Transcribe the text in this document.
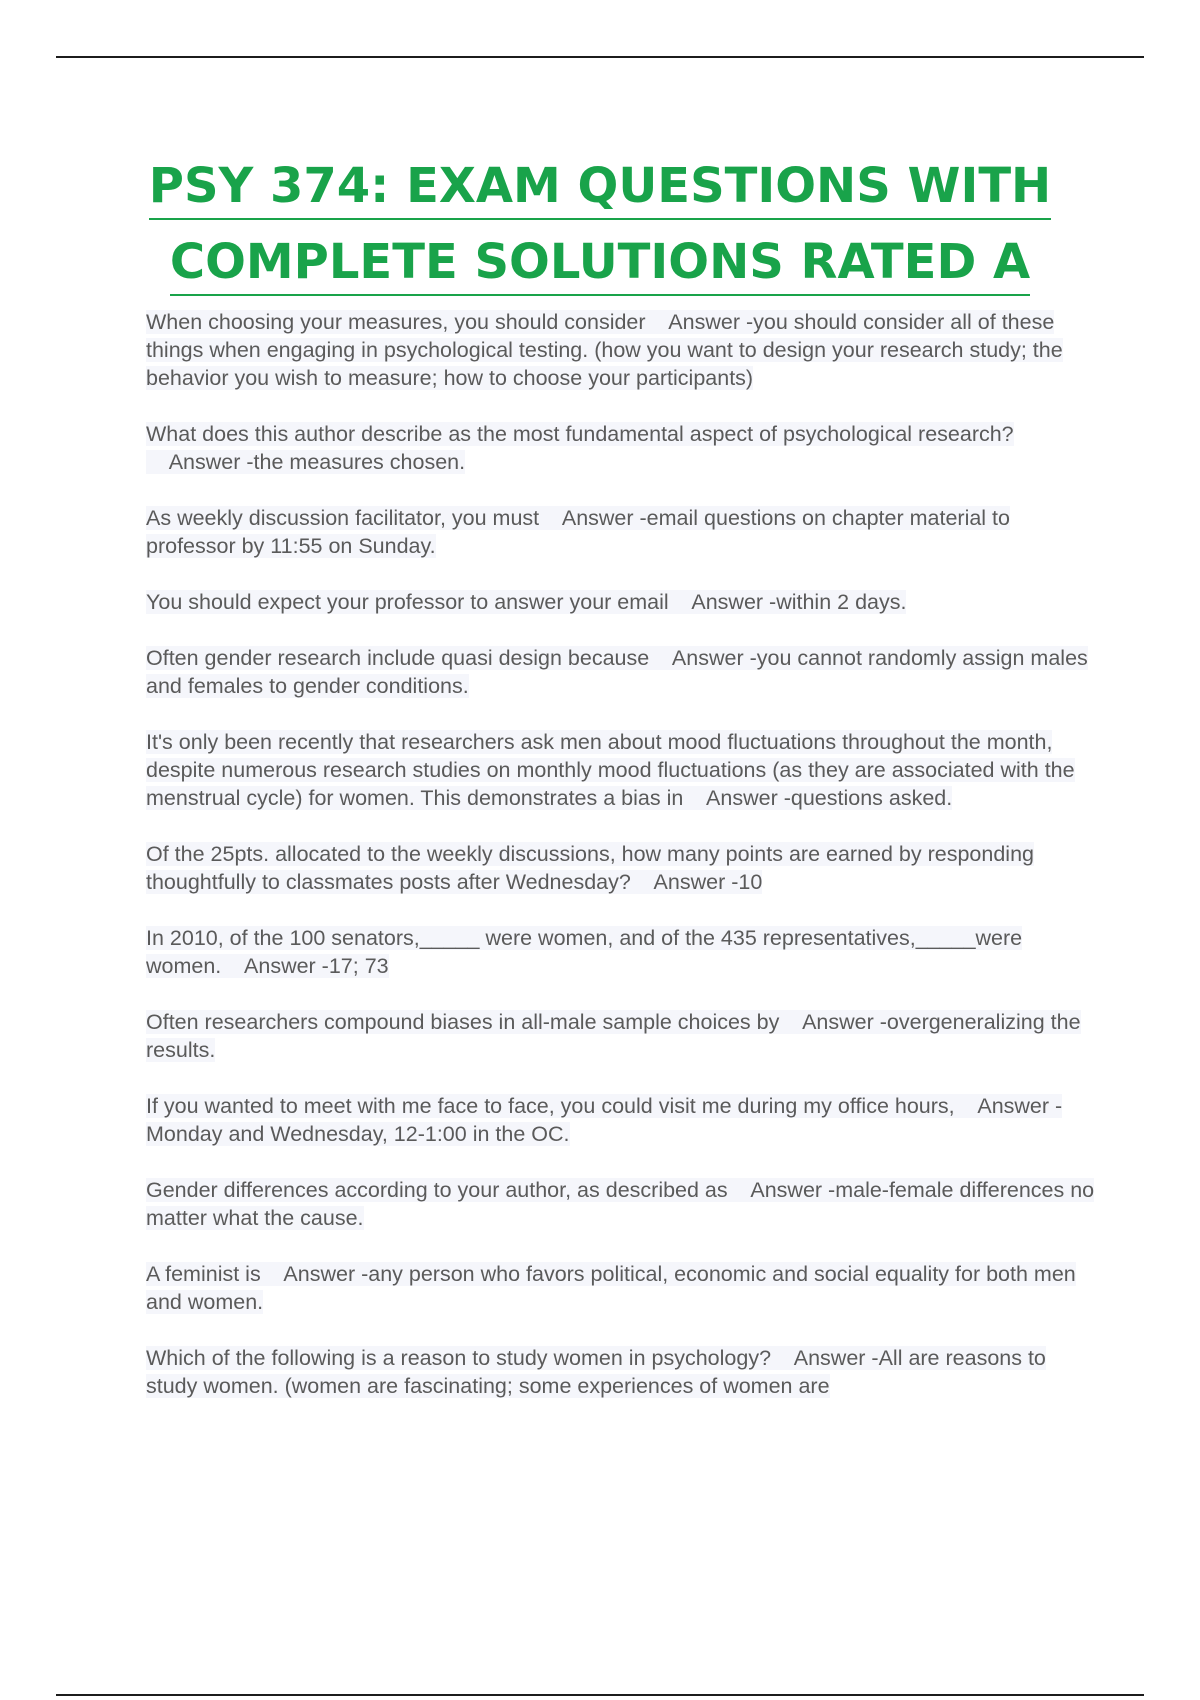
PSY 374: EXAM QUESTIONS WITH
COMPLETE SOLUTIONS RATED A

When choosing your measures, you should consider Answer -you should consider all of these things when engaging in psychological testing. (how you want to design your research study; the behavior you wish to measure; how to choose your participants)

What does this author describe as the most fundamental aspect of psychological research?    Answer -the measures chosen.

As weekly discussion facilitator, you must Answer -email questions on chapter material to professor by 11:55 on Sunday.

You should expect your professor to answer your email Answer -within 2 days.

Often gender research include quasi design because Answer -you cannot randomly assign males and females to gender conditions.

It's only been recently that researchers ask men about mood fluctuations throughout the month, despite numerous research studies on monthly mood fluctuations (as they are associated with the menstrual cycle) for women. This demonstrates a bias in Answer -questions asked.

Of the 25pts. allocated to the weekly discussions, how many points are earned by responding thoughtfully to classmates posts after Wednesday? Answer -10

In 2010, of the 100 senators,_____ were women, and of the 435 representatives,_____were women. Answer -17; 73

Often researchers compound biases in all-male sample choices by Answer -overgeneralizing the results.

If you wanted to meet with me face to face, you could visit me during my office hours, Answer -Monday and Wednesday, 12-1:00 in the OC.

Gender differences according to your author, as described as Answer -male-female differences no matter what the cause.

A feminist is Answer -any person who favors political, economic and social equality for both men and women.

Which of the following is a reason to study women in psychology? Answer -All are reasons to study women. (women are fascinating; some experiences of women are
